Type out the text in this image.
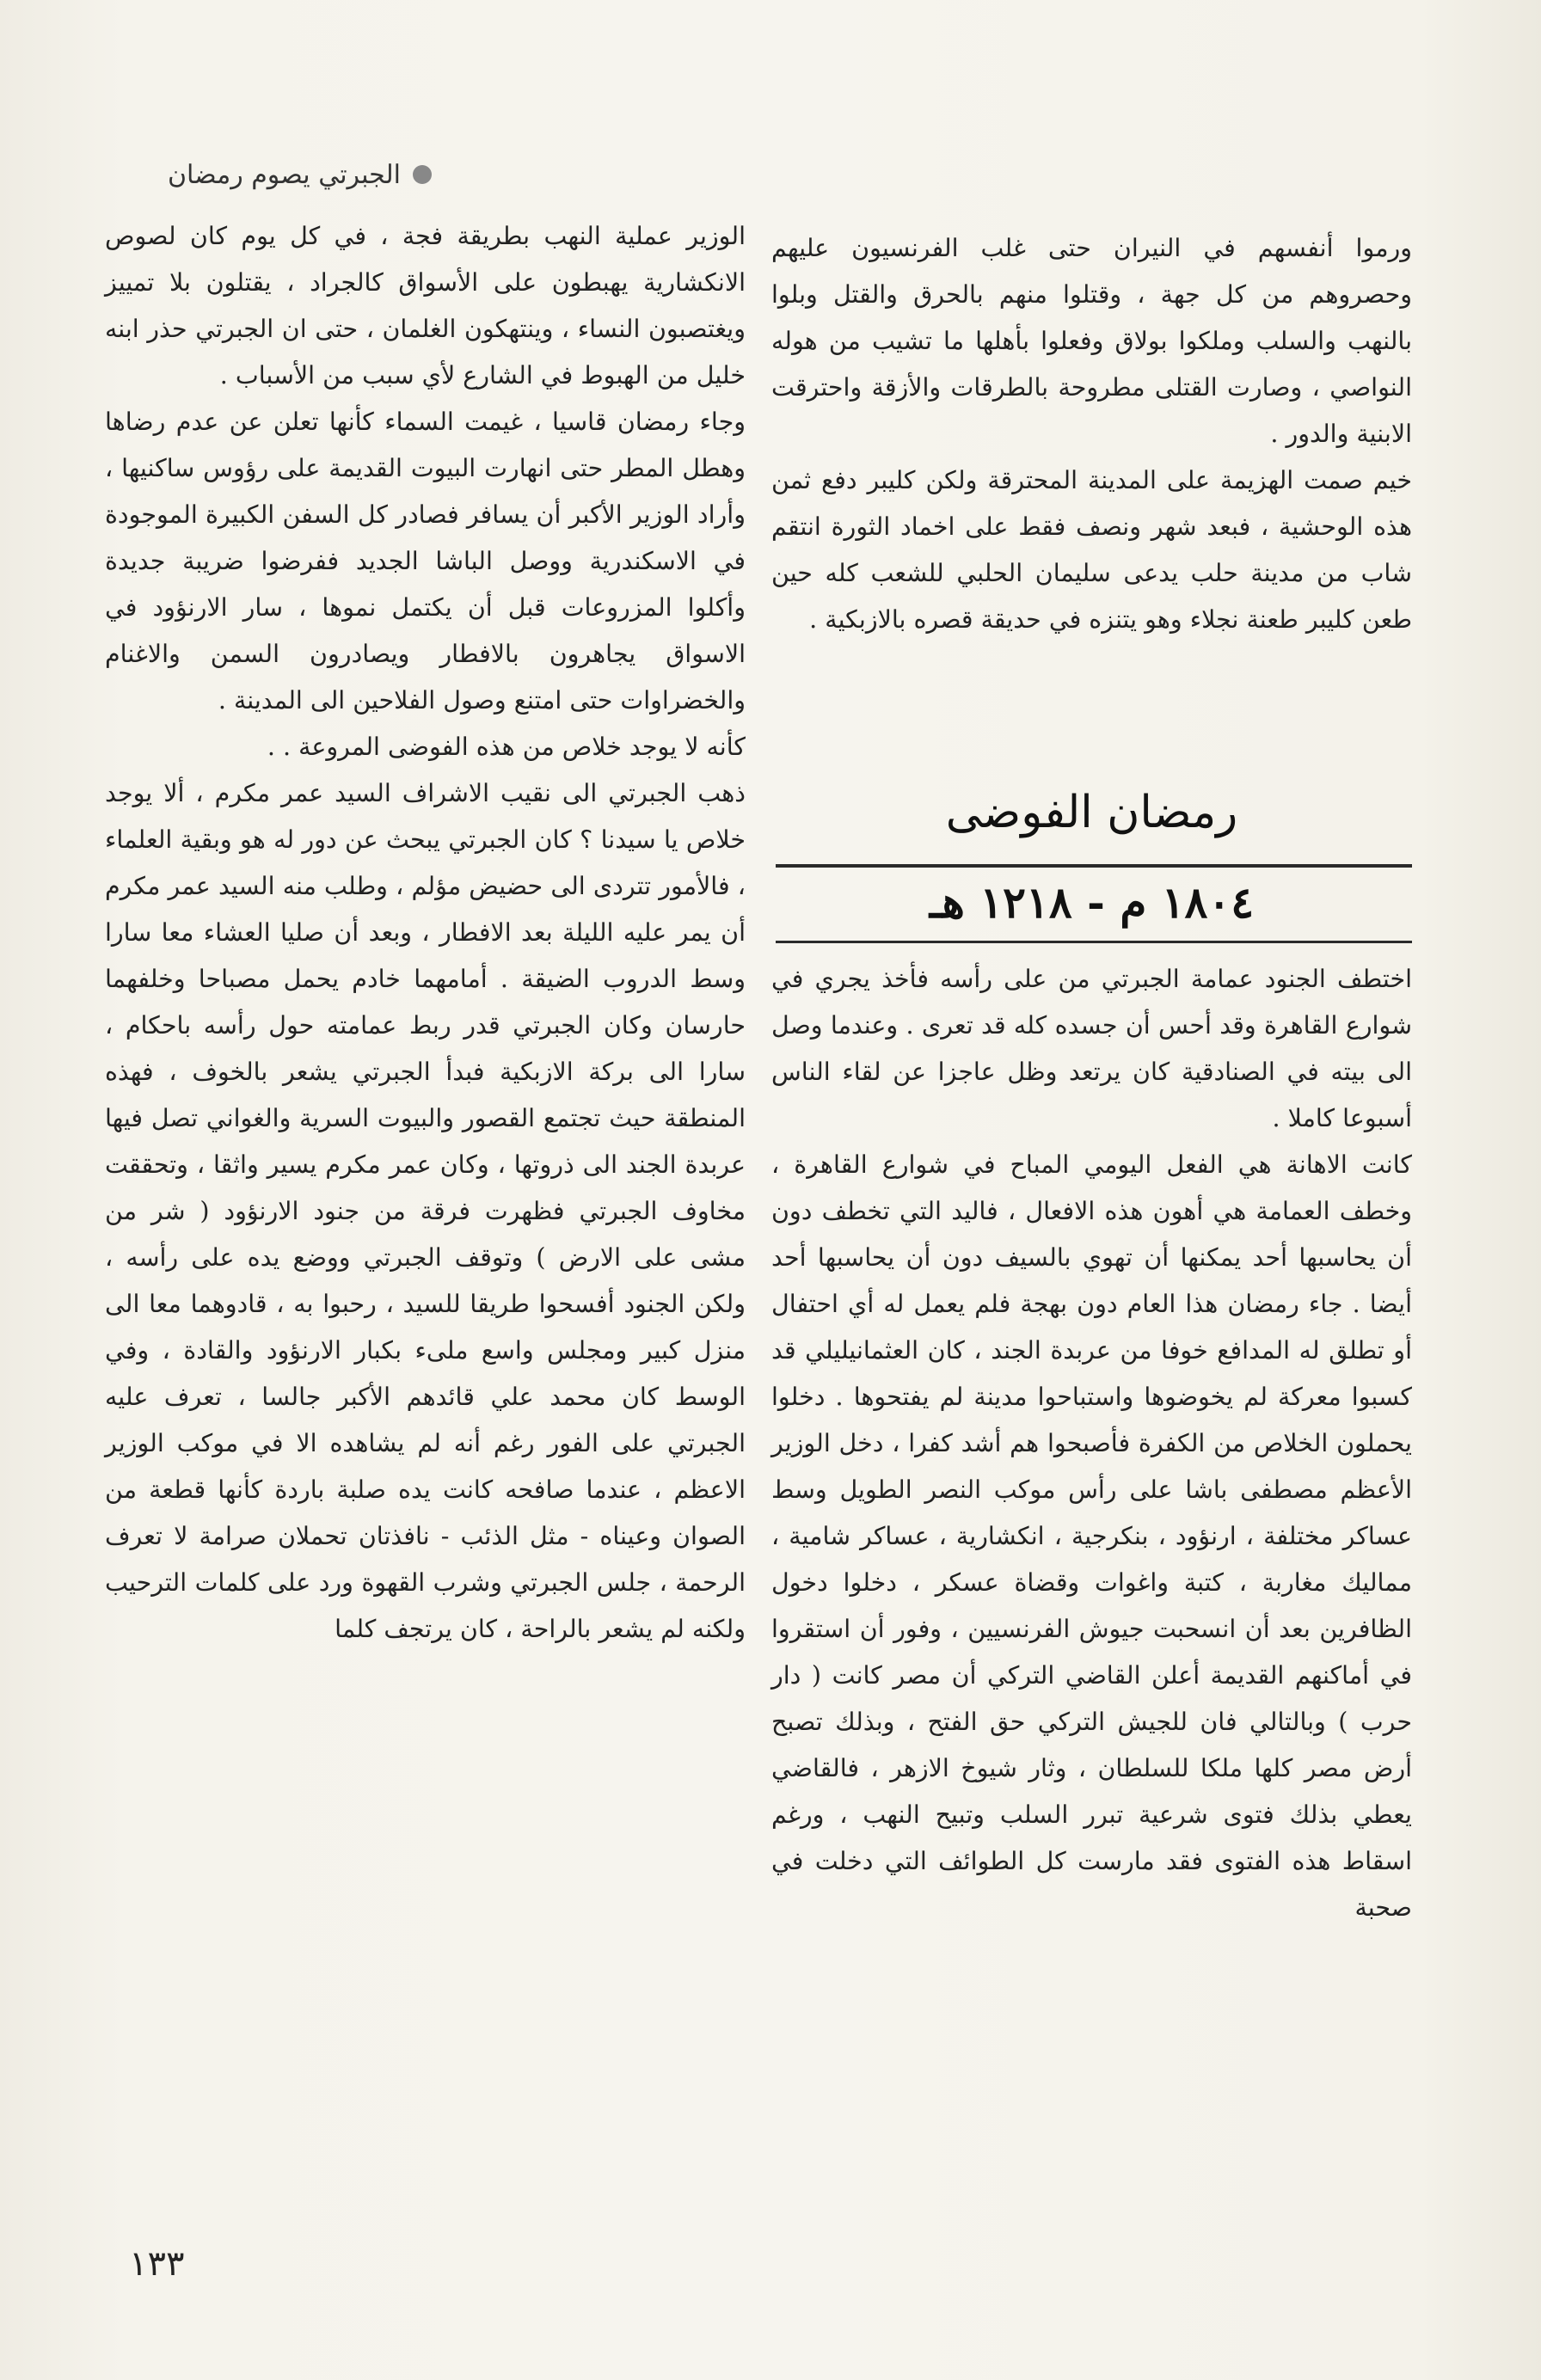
الجبرتي يصوم رمضان

ورموا أنفسهم في النيران حتى غلب الفرنسيون عليهم وحصروهم من كل جهة ، وقتلوا منهم بالحرق والقتل وبلوا بالنهب والسلب وملكوا بولاق وفعلوا بأهلها ما تشيب من هوله النواصي ، وصارت القتلى مطروحة بالطرقات والأزقة واحترقت الابنية والدور .

خيم صمت الهزيمة على المدينة المحترقة ولكن كليبر دفع ثمن هذه الوحشية ، فبعد شهر ونصف فقط على اخماد الثورة انتقم شاب من مدينة حلب يدعى سليمان الحلبي للشعب كله حين طعن كليبر طعنة نجلاء وهو يتنزه في حديقة قصره بالازبكية .

رمضان الفوضى
١٨٠٤ م - ١٢١٨ هـ

اختطف الجنود عمامة الجبرتي من على رأسه فأخذ يجري في شوارع القاهرة وقد أحس أن جسده كله قد تعرى . وعندما وصل الى بيته في الصنادقية كان يرتعد وظل عاجزا عن لقاء الناس أسبوعا كاملا .

كانت الاهانة هي الفعل اليومي المباح في شوارع القاهرة ، وخطف العمامة هي أهون هذه الافعال ، فاليد التي تخطف دون أن يحاسبها أحد يمكنها أن تهوي بالسيف دون أن يحاسبها أحد أيضا . جاء رمضان هذا العام دون بهجة فلم يعمل له أي احتفال أو تطلق له المدافع خوفا من عربدة الجند ، كان العثمانيليلي قد كسبوا معركة لم يخوضوها واستباحوا مدينة لم يفتحوها . دخلوا يحملون الخلاص من الكفرة فأصبحوا هم أشد كفرا ، دخل الوزير الأعظم مصطفى باشا على رأس موكب النصر الطويل وسط عساكر مختلفة ، ارنؤود ، بنكرجية ، انكشارية ، عساكر شامية ، مماليك مغاربة ، كتبة واغوات وقضاة عسكر ، دخلوا دخول الظافرين بعد أن انسحبت جيوش الفرنسيين ، وفور أن استقروا في أماكنهم القديمة أعلن القاضي التركي أن مصر كانت ( دار حرب ) وبالتالي فان للجيش التركي حق الفتح ، وبذلك تصبح أرض مصر كلها ملكا للسلطان ، وثار شيوخ الازهر ، فالقاضي يعطي بذلك فتوى شرعية تبرر السلب وتبيح النهب ، ورغم اسقاط هذه الفتوى فقد مارست كل الطوائف التي دخلت في صحبة

الوزير عملية النهب بطريقة فجة ، في كل يوم كان لصوص الانكشارية يهبطون على الأسواق كالجراد ، يقتلون بلا تمييز ويغتصبون النساء ، وينتهكون الغلمان ، حتى ان الجبرتي حذر ابنه خليل من الهبوط في الشارع لأي سبب من الأسباب .

وجاء رمضان قاسيا ، غيمت السماء كأنها تعلن عن عدم رضاها وهطل المطر حتى انهارت البيوت القديمة على رؤوس ساكنيها ، وأراد الوزير الأكبر أن يسافر فصادر كل السفن الكبيرة الموجودة في الاسكندرية ووصل الباشا الجديد ففرضوا ضريبة جديدة وأكلوا المزروعات قبل أن يكتمل نموها ، سار الارنؤود في الاسواق يجاهرون بالافطار ويصادرون السمن والاغنام والخضراوات حتى امتنع وصول الفلاحين الى المدينة .

كأنه لا يوجد خلاص من هذه الفوضى المروعة . .

ذهب الجبرتي الى نقيب الاشراف السيد عمر مكرم ، ألا يوجد خلاص يا سيدنا ؟ كان الجبرتي يبحث عن دور له هو وبقية العلماء ، فالأمور تتردى الى حضيض مؤلم ، وطلب منه السيد عمر مكرم أن يمر عليه الليلة بعد الافطار ، وبعد أن صليا العشاء معا سارا وسط الدروب الضيقة . أمامهما خادم يحمل مصباحا وخلفهما حارسان وكان الجبرتي قدر ربط عمامته حول رأسه باحكام ، سارا الى بركة الازبكية فبدأ الجبرتي يشعر بالخوف ، فهذه المنطقة حيث تجتمع القصور والبيوت السرية والغواني تصل فيها عربدة الجند الى ذروتها ، وكان عمر مكرم يسير واثقا ، وتحققت مخاوف الجبرتي فظهرت فرقة من جنود الارنؤود ( شر من مشى على الارض ) وتوقف الجبرتي ووضع يده على رأسه ، ولكن الجنود أفسحوا طريقا للسيد ، رحبوا به ، قادوهما معا الى منزل كبير ومجلس واسع ملىء بكبار الارنؤود والقادة ، وفي الوسط كان محمد علي قائدهم الأكبر جالسا ، تعرف عليه الجبرتي على الفور رغم أنه لم يشاهده الا في موكب الوزير الاعظم ، عندما صافحه كانت يده صلبة باردة كأنها قطعة من الصوان وعيناه - مثل الذئب - نافذتان تحملان صرامة لا تعرف الرحمة ، جلس الجبرتي وشرب القهوة ورد على كلمات الترحيب ولكنه لم يشعر بالراحة ، كان يرتجف كلما

١٣٣
